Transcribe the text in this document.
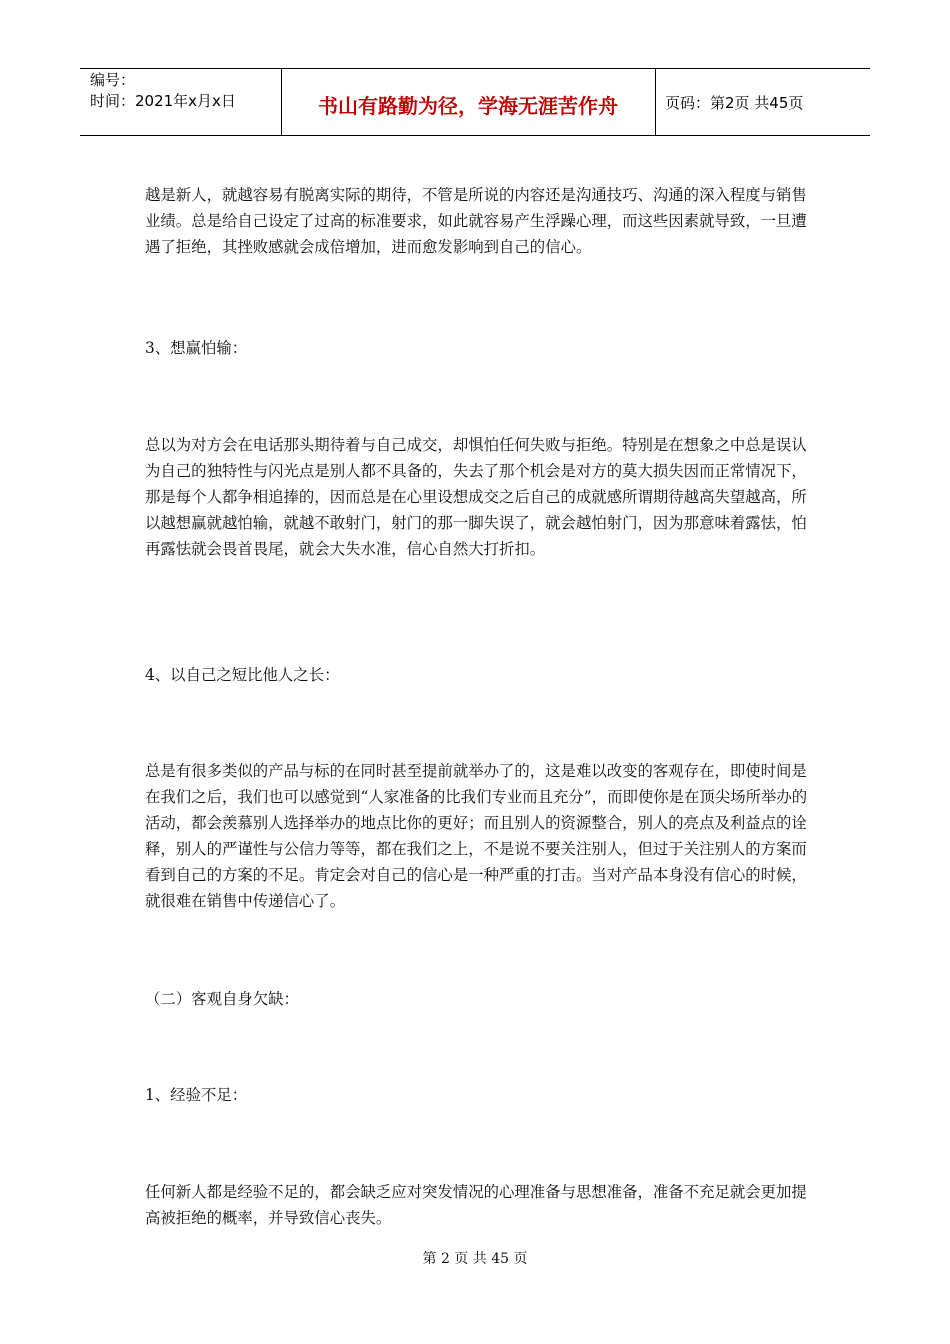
编号：
时间：2021年x月x日	书山有路勤为径，学海无涯苦作舟	页码：第2页 共45页

越是新人，就越容易有脱离实际的期待，不管是所说的内容还是沟通技巧、沟通的深入程度与销售业绩。总是给自己设定了过高的标准要求，如此就容易产生浮躁心理，而这些因素就导致，一旦遭遇了拒绝，其挫败感就会成倍增加，进而愈发影响到自己的信心。

3、想赢怕输：

总以为对方会在电话那头期待着与自己成交，却惧怕任何失败与拒绝。特别是在想象之中总是误认为自己的独特性与闪光点是别人都不具备的，失去了那个机会是对方的莫大损失因而正常情况下，那是每个人都争相追捧的，因而总是在心里设想成交之后自己的成就感所谓期待越高失望越高，所以越想赢就越怕输，就越不敢射门，射门的那一脚失误了，就会越怕射门，因为那意味着露怯，怕再露怯就会畏首畏尾，就会大失水准，信心自然大打折扣。

4、以自己之短比他人之长：

总是有很多类似的产品与标的在同时甚至提前就举办了的，这是难以改变的客观存在，即使时间是在我们之后，我们也可以感觉到“人家准备的比我们专业而且充分”，而即使你是在顶尖场所举办的活动，都会羡慕别人选择举办的地点比你的更好；而且别人的资源整合，别人的亮点及利益点的诠释，别人的严谨性与公信力等等，都在我们之上，不是说不要关注别人，但过于关注别人的方案而看到自己的方案的不足。肯定会对自己的信心是一种严重的打击。当对产品本身没有信心的时候，就很难在销售中传递信心了。

（二）客观自身欠缺：

1、经验不足：

任何新人都是经验不足的，都会缺乏应对突发情况的心理准备与思想准备，准备不充足就会更加提高被拒绝的概率，并导致信心丧失。

第 2 页 共 45 页
